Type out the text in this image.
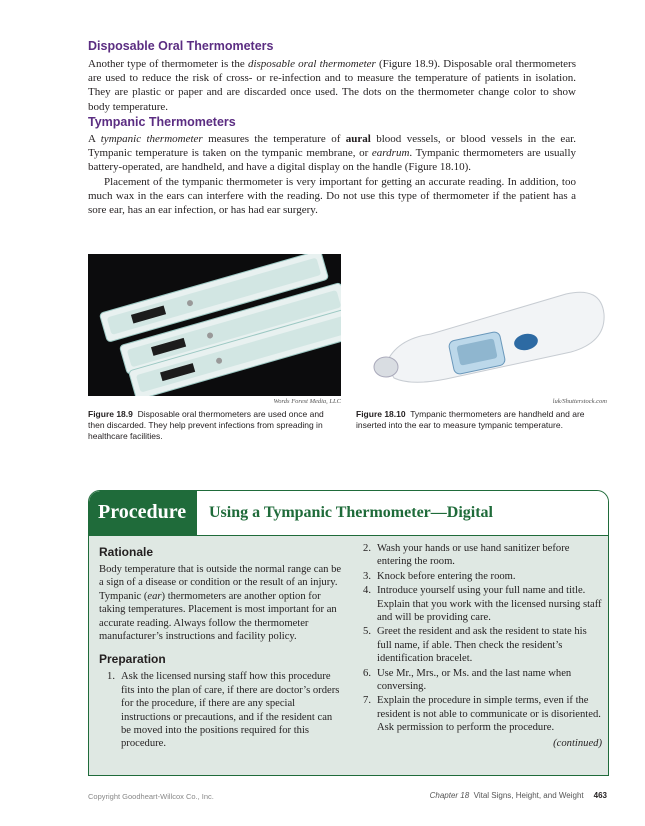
Disposable Oral Thermometers

Another type of thermometer is the disposable oral thermometer (Figure 18.9). Disposable oral thermometers are used to reduce the risk of cross- or re-infection and to measure the temperature of patients in isolation. They are plastic or paper and are discarded once used. The dots on the thermometer change color to show body temperature.

Tympanic Thermometers

A tympanic thermometer measures the temperature of aural blood vessels, or blood vessels in the ear. Tympanic temperature is taken on the tympanic membrane, or eardrum. Tympanic thermometers are usually battery-operated, are handheld, and have a digital display on the handle (Figure 18.10).

Placement of the tympanic thermometer is very important for getting an accurate reading. In addition, too much wax in the ears can interfere with the reading. Do not use this type of thermometer if the patient has a sore ear, has an ear infection, or has had ear surgery.

Words Forest Media, LLC	luk/Shutterstock.com
Figure 18.9 Disposable oral thermometers are used once and then discarded. They help prevent infections from spreading in healthcare facilities.
Figure 18.10 Tympanic thermometers are handheld and are inserted into the ear to measure tympanic temperature.
Procedure Using a Tympanic Thermometer—Digital
Rationale

Body temperature that is outside the normal range can be a sign of a disease or condition or the result of an injury. Tympanic (ear) thermometers are another option for taking temperatures. Placement is most important for an accurate reading. Always follow the thermometer manufacturer’s instructions and facility policy.

Preparation
1. Ask the licensed nursing staff how this procedure fits into the plan of care, if there are doctor’s orders for the procedure, if there are any special instructions or precautions, and if the resident can be moved into the positions required for this procedure.
2. Wash your hands or use hand sanitizer before entering the room.
3. Knock before entering the room.
4. Introduce yourself using your full name and title. Explain that you work with the licensed nursing staff and will be providing care.
5. Greet the resident and ask the resident to state his full name, if able. Then check the resident’s identification bracelet.
6. Use Mr., Mrs., or Ms. and the last name when conversing.
7. Explain the procedure in simple terms, even if the resident is not able to communicate or is disoriented. Ask permission to perform the procedure.
(continued)
Copyright Goodheart-Willcox Co., Inc.	Chapter 18 Vital Signs, Height, and Weight 463
